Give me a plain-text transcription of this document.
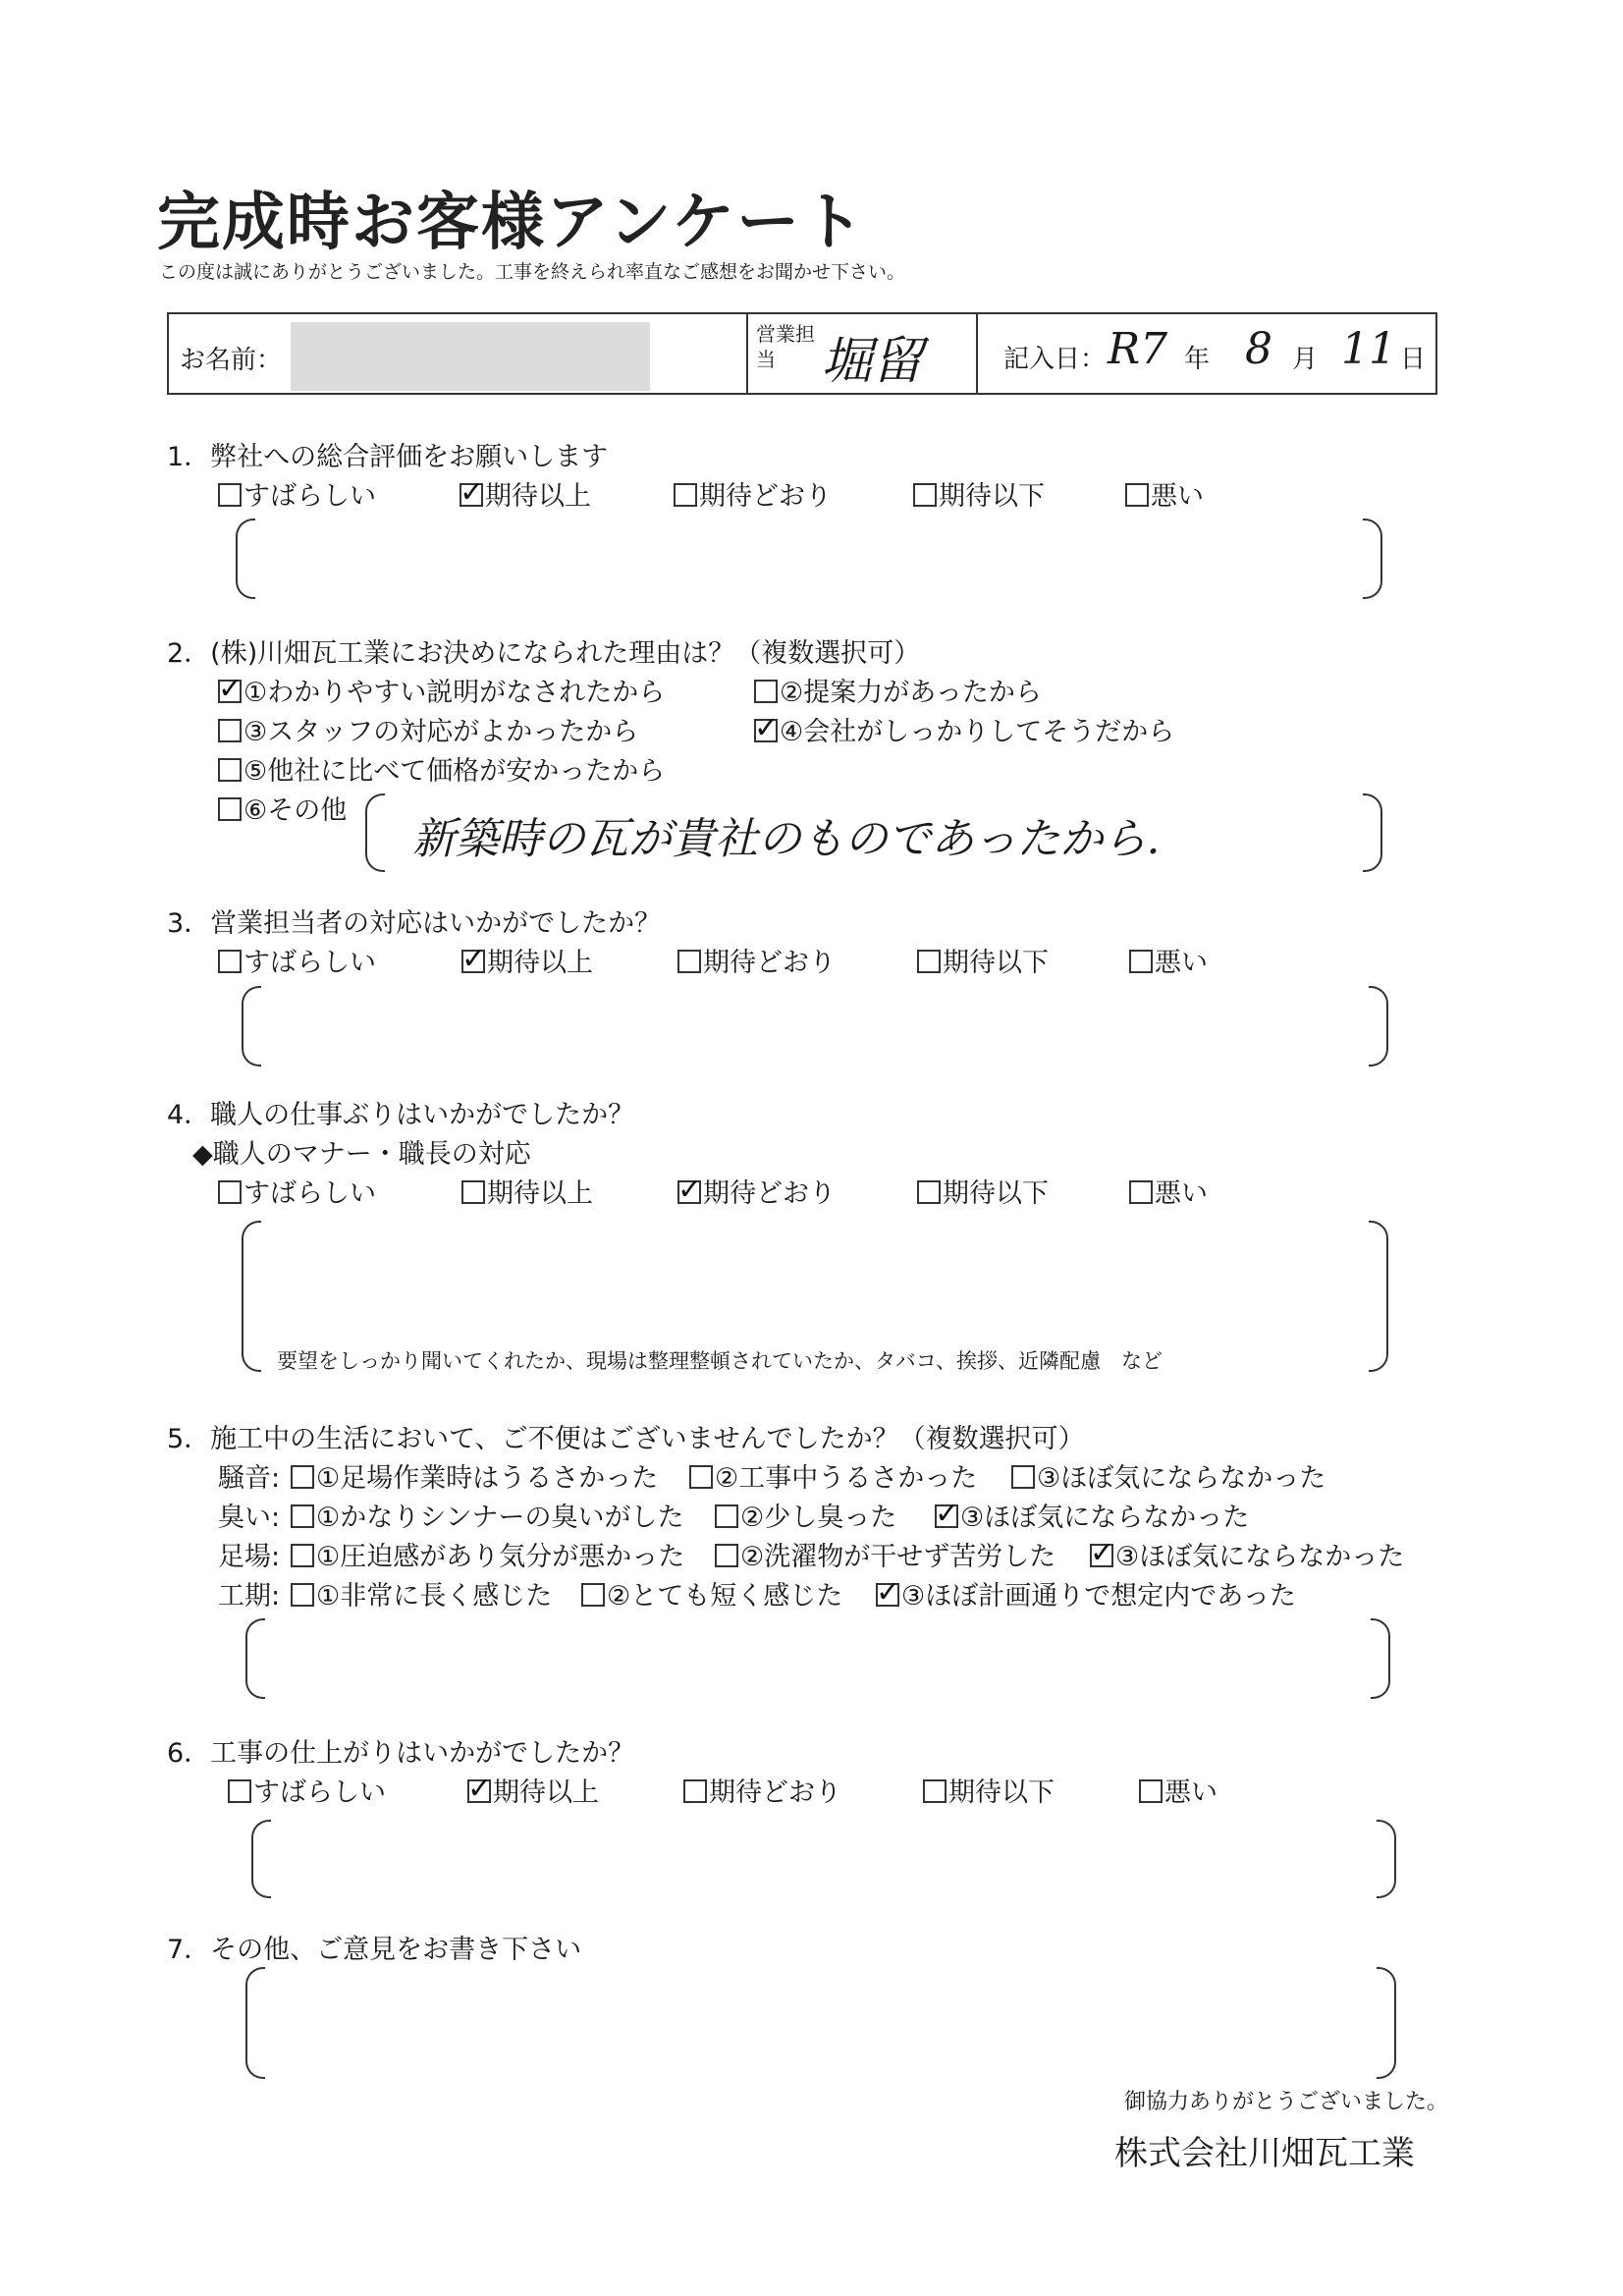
完成時お客様アンケート
この度は誠にありがとうございました。工事を終えられ率直なご感想をお聞かせ下さい。
お名前：
営業担当 堀留	記入日： R7 年 8 月 11 日
1．弊社への総合評価をお願いします
すばらしい ✓	期待以上	期待どおり	期待以下	悪い
2．(株)川畑瓦工業にお決めになられた理由は？（複数選択可）
✓①わかりやすい説明がなされたから	②提案力があったから
③スタッフの対応がよかったから ✓	④会社がしっかりしてそうだから
⑤他社に比べて価格が安かったから
⑥その他
新築時の瓦が貴社のものであったから.
3．営業担当者の対応はいかがでしたか？
すばらしい ✓	期待以上	期待どおり	期待以下	悪い
4．職人の仕事ぶりはいかがでしたか？
◆職人のマナー・職長の対応
すばらしい	期待以上 ✓	期待どおり	期待以下	悪い
要望をしっかり聞いてくれたか、現場は整理整頓されていたか、タバコ、挨拶、近隣配慮　など
5．施工中の生活において、ご不便はございませんでしたか？（複数選択可）
騒音:	①足場作業時はうるさかった	②工事中うるさかった	③ほぼ気にならなかった
臭い:	①かなりシンナーの臭いがした	②少し臭った ✓	③ほぼ気にならなかった
足場:	①圧迫感があり気分が悪かった	②洗濯物が干せず苦労した ✓	③ほぼ気にならなかった
工期:	①非常に長く感じた	②とても短く感じた ✓	③ほぼ計画通りで想定内であった
6．工事の仕上がりはいかがでしたか？
すばらしい ✓	期待以上	期待どおり	期待以下	悪い
7．その他、ご意見をお書き下さい
御協力ありがとうございました。
株式会社川畑瓦工業
